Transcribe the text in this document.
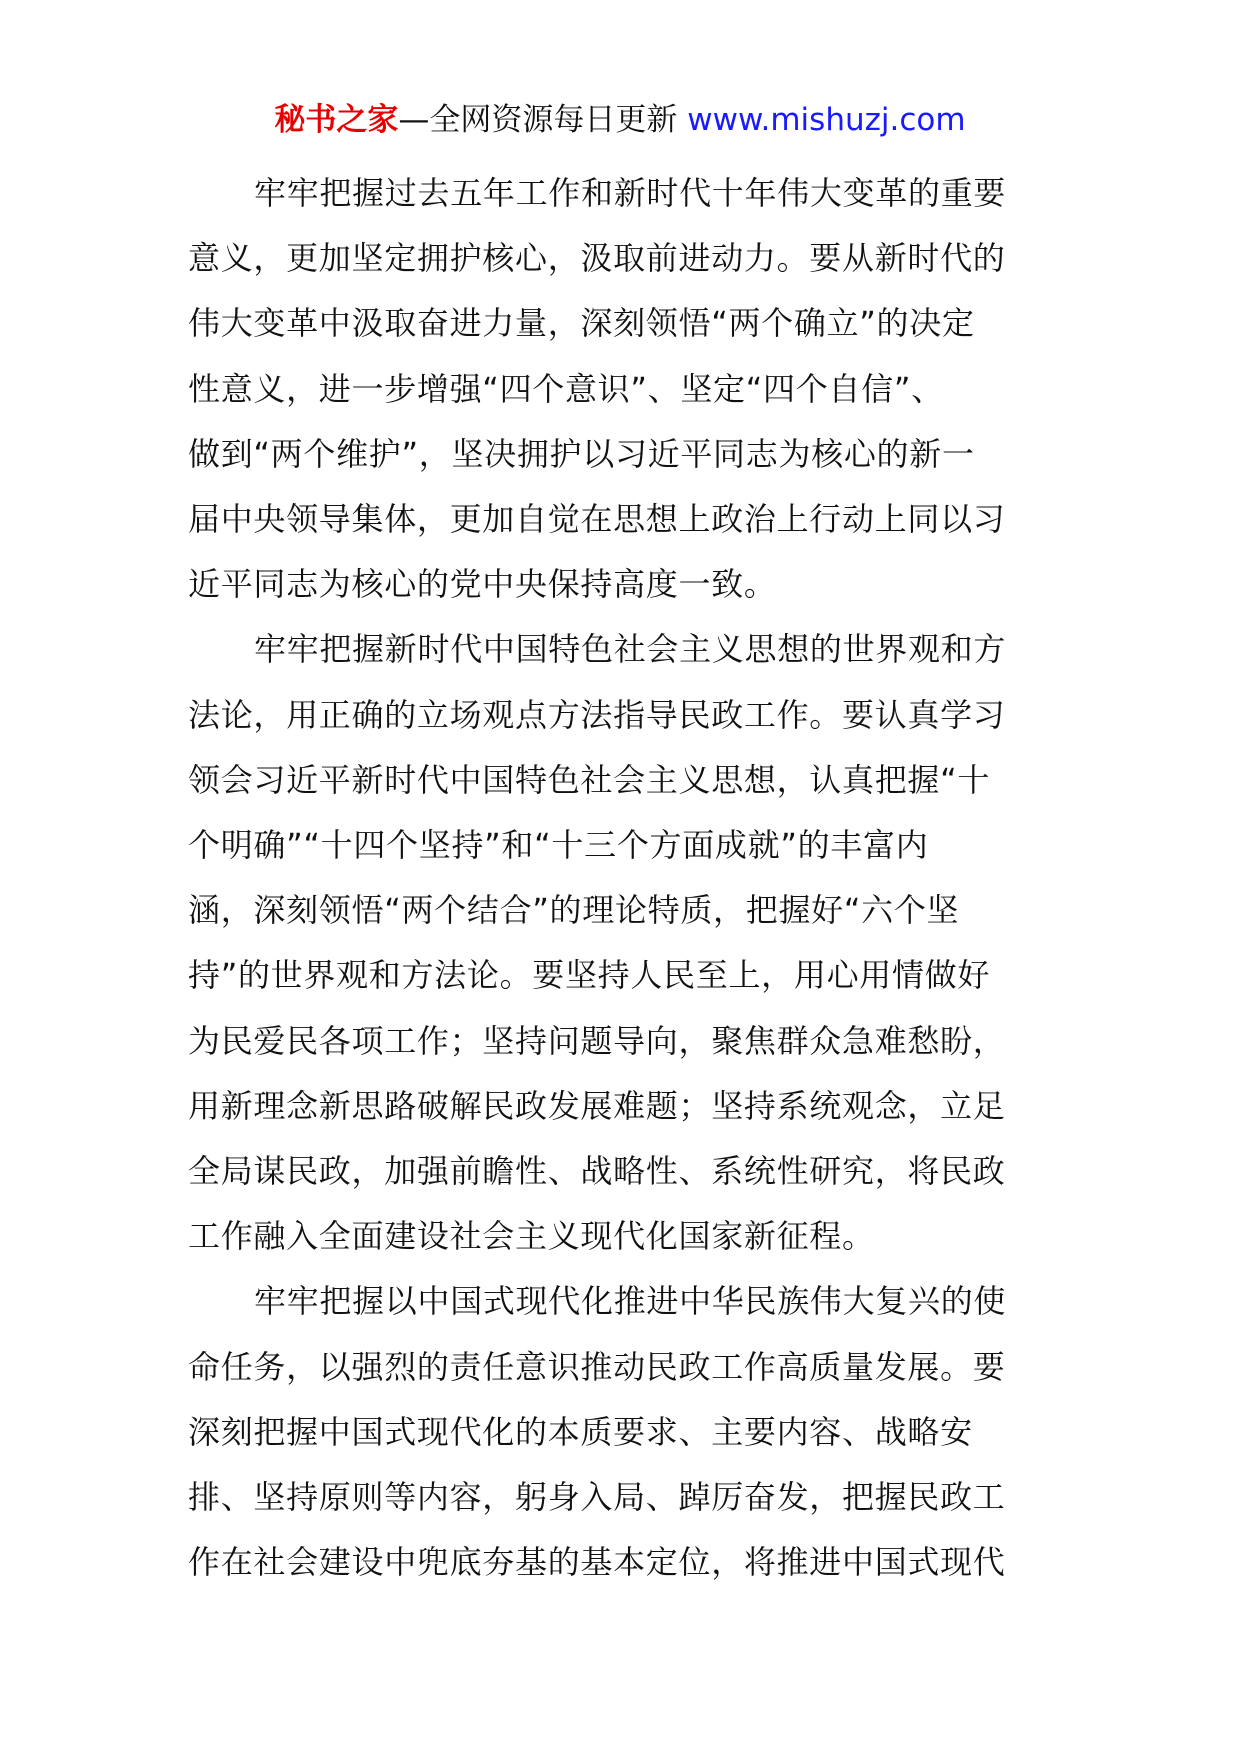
秘书之家—全网资源每日更新 www.mishuzj.com

牢牢把握过去五年工作和新时代十年伟大变革的重要
意义，更加坚定拥护核心，汲取前进动力。要从新时代的
伟大变革中汲取奋进力量，深刻领悟“两个确立”的决定
性意义，进一步增强“四个意识”、坚定“四个自信”、
做到“两个维护”，坚决拥护以习近平同志为核心的新一
届中央领导集体，更加自觉在思想上政治上行动上同以习
近平同志为核心的党中央保持高度一致。

牢牢把握新时代中国特色社会主义思想的世界观和方
法论，用正确的立场观点方法指导民政工作。要认真学习
领会习近平新时代中国特色社会主义思想，认真把握“十
个明确”“十四个坚持”和“十三个方面成就”的丰富内
涵，深刻领悟“两个结合”的理论特质，把握好“六个坚
持”的世界观和方法论。要坚持人民至上，用心用情做好
为民爱民各项工作；坚持问题导向，聚焦群众急难愁盼，
用新理念新思路破解民政发展难题；坚持系统观念，立足
全局谋民政，加强前瞻性、战略性、系统性研究，将民政
工作融入全面建设社会主义现代化国家新征程。

牢牢把握以中国式现代化推进中华民族伟大复兴的使
命任务，以强烈的责任意识推动民政工作高质量发展。要
深刻把握中国式现代化的本质要求、主要内容、战略安
排、坚持原则等内容，躬身入局、踔厉奋发，把握民政工
作在社会建设中兜底夯基的基本定位，将推进中国式现代
